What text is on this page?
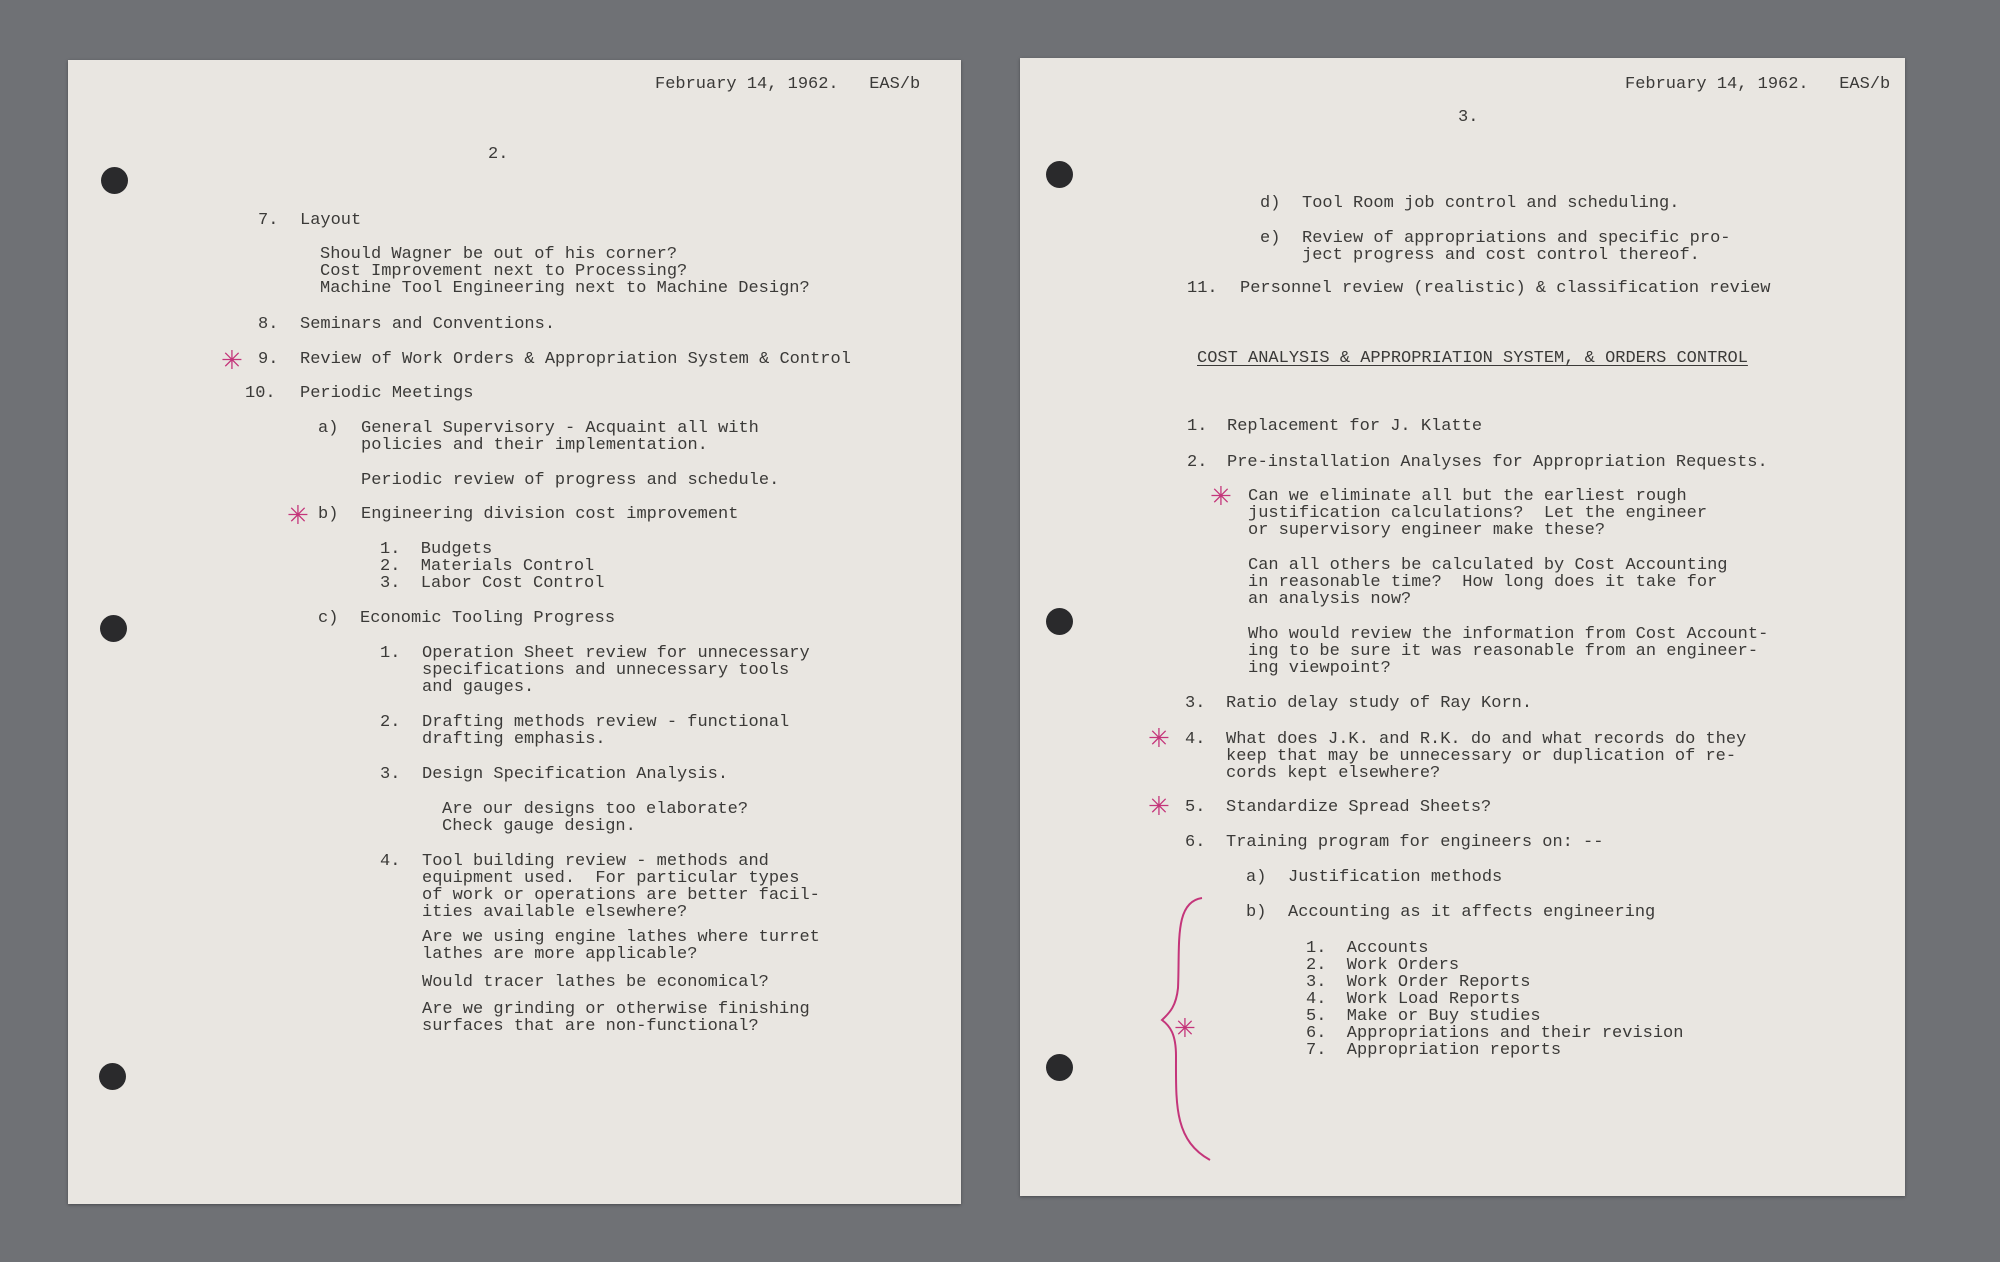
February 14, 1962.   EAS/b
2.
7. Layout
Should Wagner be out of his corner?
Cost Improvement next to Processing?
Machine Tool Engineering next to Machine Design?
8. Seminars and Conventions.
✳ 9. Review of Work Orders & Appropriation System & Control
10. Periodic Meetings
a) General Supervisory - Acquaint all with
policies and their implementation.
Periodic review of progress and schedule.
✳ b) Engineering division cost improvement
1.  Budgets
2.  Materials Control
3.  Labor Cost Control
c) Economic Tooling Progress
1. Operation Sheet review for unnecessary
specifications and unnecessary tools
and gauges.
2. Drafting methods review - functional
drafting emphasis.
3. Design Specification Analysis.
Are our designs too elaborate?
Check gauge design.
4. Tool building review - methods and
equipment used.  For particular types
of work or operations are better facil-
ities available elsewhere?
Are we using engine lathes where turret
lathes are more applicable?
Would tracer lathes be economical?
Are we grinding or otherwise finishing
surfaces that are non-functional?
February 14, 1962.   EAS/b
3.
d) Tool Room job control and scheduling.
e) Review of appropriations and specific pro-
ject progress and cost control thereof.
11. Personnel review (realistic) & classification review
COST ANALYSIS & APPROPRIATION SYSTEM, & ORDERS CONTROL
1. Replacement for J. Klatte
2. Pre-installation Analyses for Appropriation Requests.
✳ Can we eliminate all but the earliest rough
justification calculations?  Let the engineer
or supervisory engineer make these?
Can all others be calculated by Cost Accounting
in reasonable time?  How long does it take for
an analysis now?
Who would review the information from Cost Account-
ing to be sure it was reasonable from an engineer-
ing viewpoint?
3. Ratio delay study of Ray Korn.
✳ 4. What does J.K. and R.K. do and what records do they
keep that may be unnecessary or duplication of re-
cords kept elsewhere?
✳ 5. Standardize Spread Sheets?
6. Training program for engineers on: --
a) Justification methods
b) Accounting as it affects engineering
1.  Accounts
2.  Work Orders
3.  Work Order Reports
4.  Work Load Reports
5.  Make or Buy studies
6.  Appropriations and their revision
7.  Appropriation reports
✳
